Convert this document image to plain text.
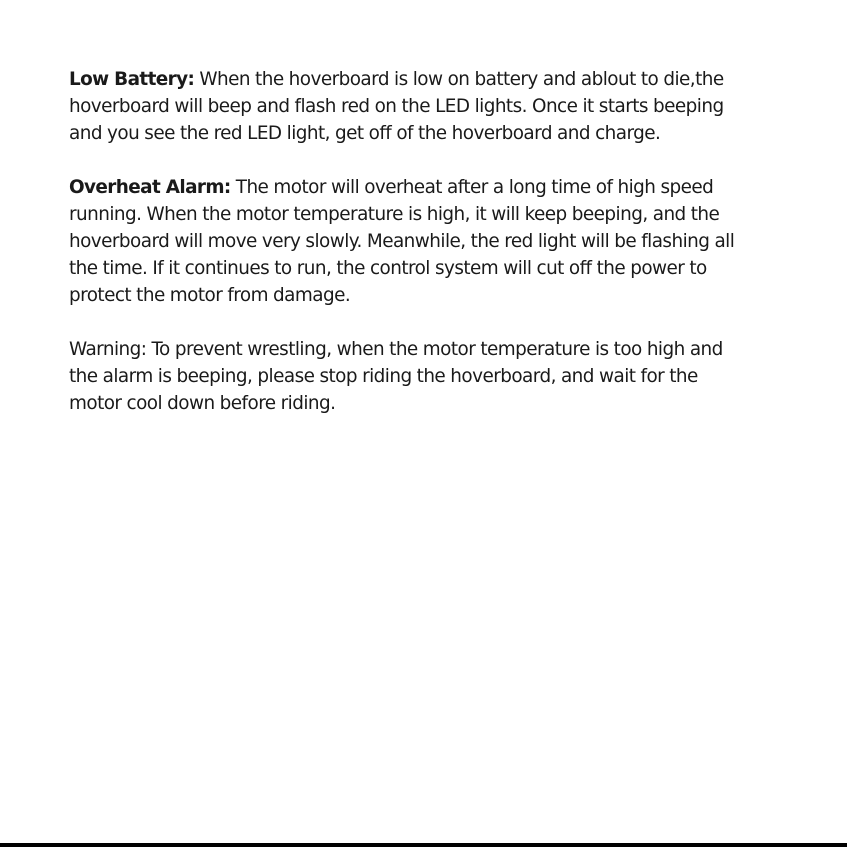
Low Battery: When the hoverboard is low on battery and ablout to die,the
hoverboard will beep and flash red on the LED lights. Once it starts beeping
and you see the red LED light, get off of the hoverboard and charge.

Overheat Alarm: The motor will overheat after a long time of high speed
running. When the motor temperature is high, it will keep beeping, and the
hoverboard will move very slowly. Meanwhile, the red light will be flashing all
the time. If it continues to run, the control system will cut off the power to
protect the motor from damage.

Warning: To prevent wrestling, when the motor temperature is too high and
the alarm is beeping, please stop riding the hoverboard, and wait for the
motor cool down before riding.
